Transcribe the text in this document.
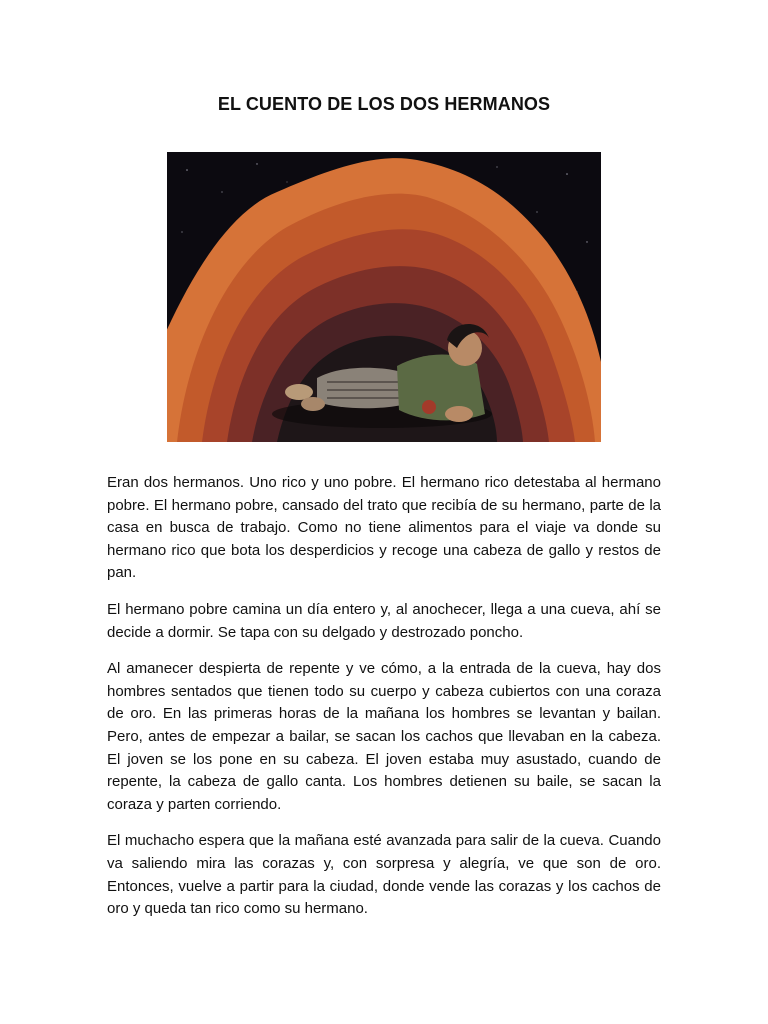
EL CUENTO DE LOS DOS HERMANOS

Eran dos hermanos. Uno rico y uno pobre. El hermano rico detestaba al hermano pobre. El hermano pobre, cansado del trato que recibía de su hermano, parte de la casa en busca de trabajo. Como no tiene alimentos para el viaje va donde su hermano rico que bota los desperdicios y recoge una cabeza de gallo y restos de pan.

El hermano pobre camina un día entero y, al anochecer, llega a una cueva, ahí se decide a dormir. Se tapa con su delgado y destrozado poncho.

Al amanecer despierta de repente y ve cómo, a la entrada de la cueva, hay dos hombres sentados que tienen todo su cuerpo y cabeza cubiertos con una coraza de oro. En las primeras horas de la mañana los hombres se levantan y bailan. Pero, antes de empezar a bailar, se sacan los cachos que llevaban en la cabeza. El joven se los pone en su cabeza. El joven estaba muy asustado, cuando de repente, la cabeza de gallo canta. Los hombres detienen su baile, se sacan la coraza y parten corriendo.

El muchacho espera que la mañana esté avanzada para salir de la cueva. Cuando va saliendo mira las corazas y, con sorpresa y alegría, ve que son de oro. Entonces, vuelve a partir para la ciudad, donde vende las corazas y los cachos de oro y queda tan rico como su hermano.
